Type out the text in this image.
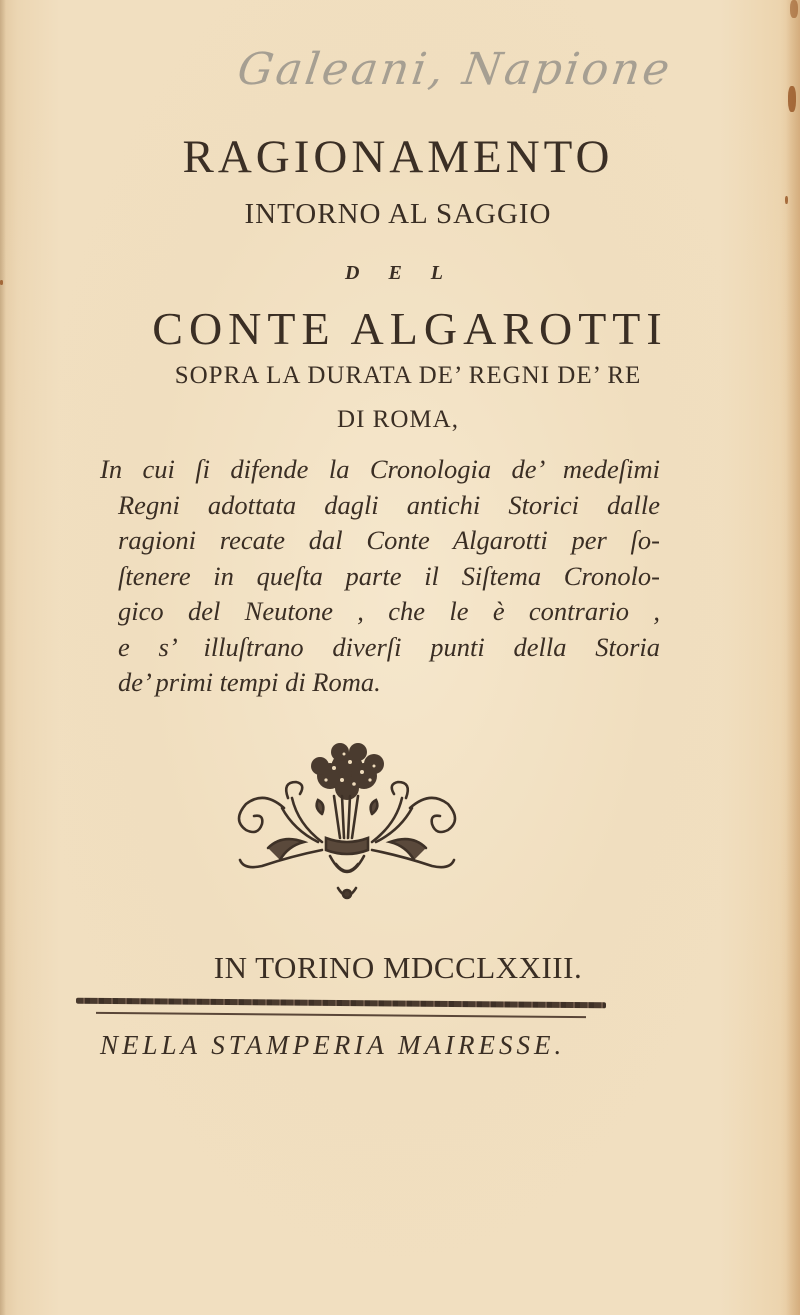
Galeani, Napione
RAGIONAMENTO
INTORNO AL SAGGIO
D E L
CONTE ALGAROTTI
SOPRA LA DURATA DE’ REGNI DE’ RE
DI ROMA,
In cui ſi difende la Cronologia de’ medeſimi
Regni adottata dagli antichi Storici dalle
ragioni recate dal Conte Algarotti per ſo-
ſtenere in queſta parte il Siſtema Cronolo-
gico del Neutone , che le è contrario ,
e s’ illuſtrano diverſi punti della Storia
de’ primi tempi di Roma.
IN TORINO MDCCLXXIII.
NELLA STAMPERIA MAIRESSE.
